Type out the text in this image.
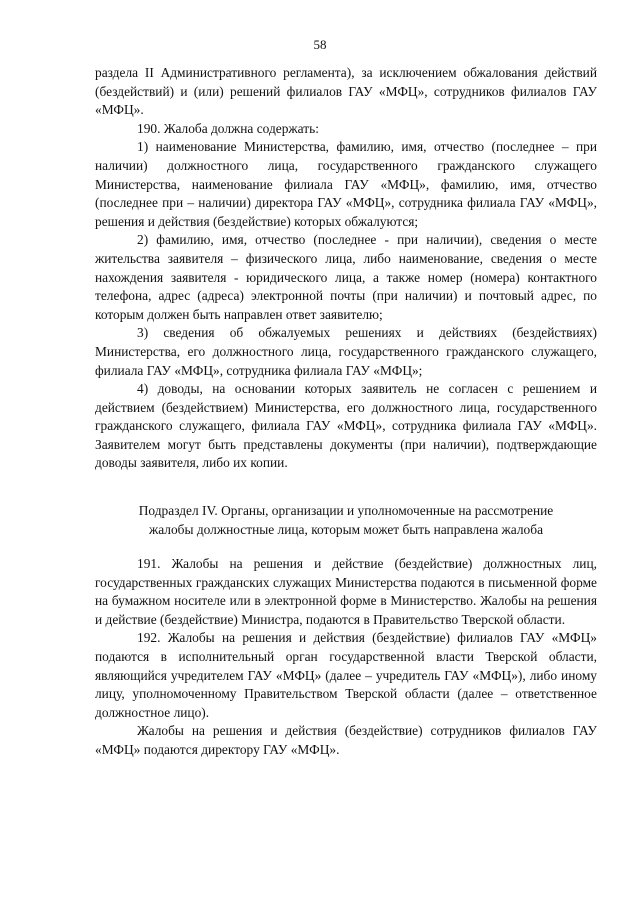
58

раздела II Административного регламента), за исключением обжалования действий (бездействий) и (или) решений филиалов ГАУ «МФЦ», сотрудников филиалов ГАУ «МФЦ».

190. Жалоба должна содержать:

1) наименование Министерства, фамилию, имя, отчество (последнее – при наличии) должностного лица, государственного гражданского служащего Министерства, наименование филиала ГАУ «МФЦ», фамилию, имя, отчество (последнее при – наличии) директора ГАУ «МФЦ», сотрудника филиала ГАУ «МФЦ», решения и действия (бездействие) которых обжалуются;

2) фамилию, имя, отчество (последнее - при наличии), сведения о месте жительства заявителя – физического лица, либо наименование, сведения о месте нахождения заявителя - юридического лица, а также номер (номера) контактного телефона, адрес (адреса) электронной почты (при наличии) и почтовый адрес, по которым должен быть направлен ответ заявителю;

3) сведения об обжалуемых решениях и действиях (бездействиях) Министерства, его должностного лица, государственного гражданского служащего, филиала ГАУ «МФЦ», сотрудника филиала ГАУ «МФЦ»;

4) доводы, на основании которых заявитель не согласен с решением и действием (бездействием) Министерства, его должностного лица, государственного гражданского служащего, филиала ГАУ «МФЦ», сотрудника филиала ГАУ «МФЦ». Заявителем могут быть представлены документы (при наличии), подтверждающие доводы заявителя, либо их копии.

Подраздел IV. Органы, организации и уполномоченные на рассмотрение

жалобы должностные лица, которым может быть направлена жалоба

191. Жалобы на решения и действие (бездействие) должностных лиц, государственных гражданских служащих Министерства подаются в письменной форме на бумажном носителе или в электронной форме в Министерство. Жалобы на решения и действие (бездействие) Министра, подаются в Правительство Тверской области.

192. Жалобы на решения и действия (бездействие) филиалов ГАУ «МФЦ» подаются в исполнительный орган государственной власти Тверской области, являющийся учредителем ГАУ «МФЦ» (далее – учредитель ГАУ «МФЦ»), либо иному лицу, уполномоченному Правительством Тверской области (далее – ответственное должностное лицо).

Жалобы на решения и действия (бездействие) сотрудников филиалов ГАУ «МФЦ» подаются директору ГАУ «МФЦ».
